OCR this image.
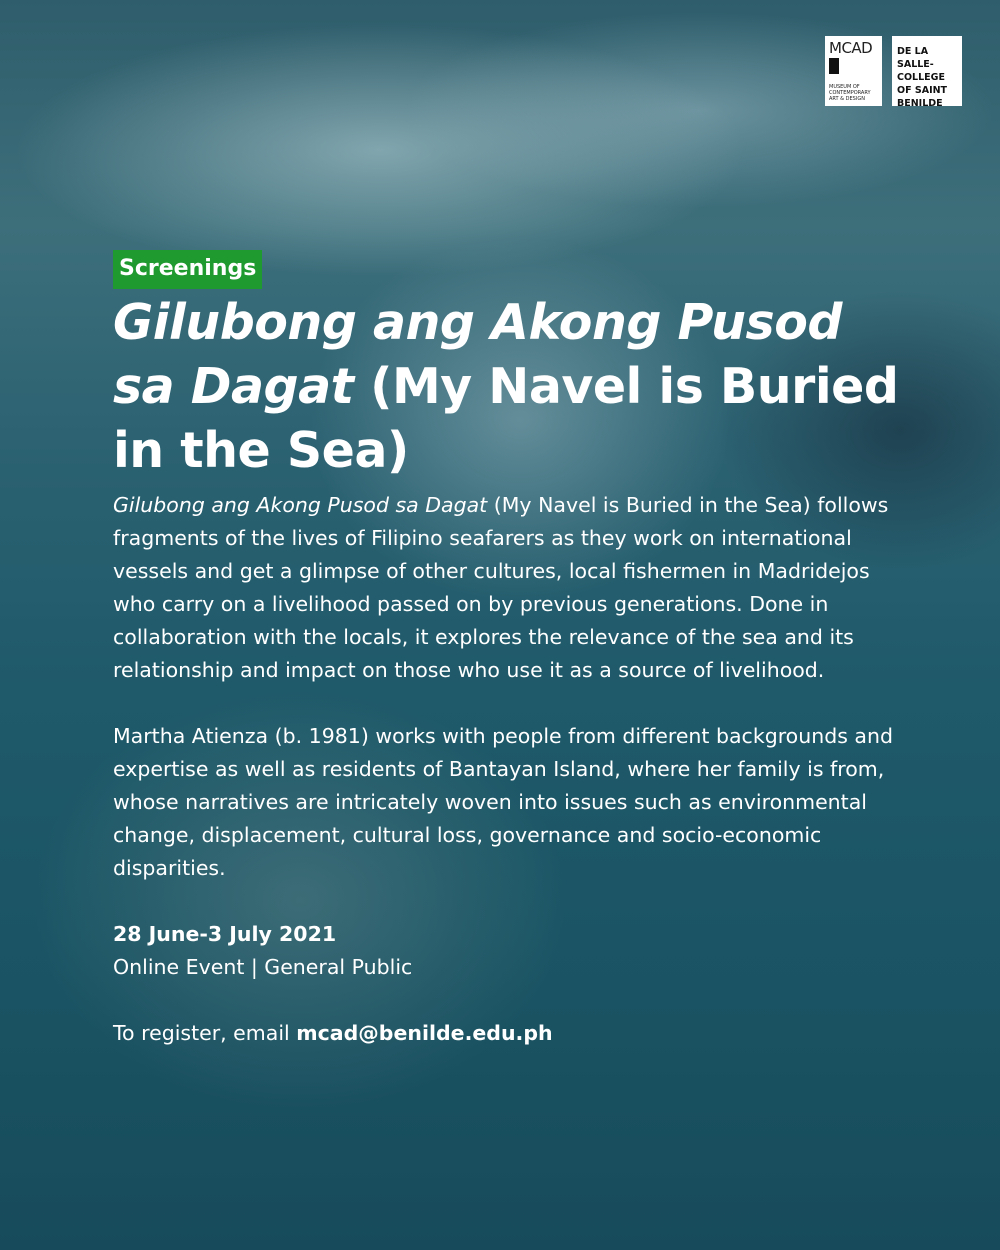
MCAD
MUSEUM OF CONTEMPORARY ART & DESIGN
DE LA SALLE-
COLLEGE
OF SAINT
BENILDE
Screenings
Gilubong ang Akong Pusod sa Dagat (My Navel is Buried in the Sea)

Gilubong ang Akong Pusod sa Dagat (My Navel is Buried in the Sea) follows fragments of the lives of Filipino seafarers as they work on international vessels and get a glimpse of other cultures, local fishermen in Madridejos who carry on a livelihood passed on by previous generations. Done in collaboration with the locals, it explores the relevance of the sea and its relationship and impact on those who use it as a source of livelihood.

Martha Atienza (b. 1981) works with people from different backgrounds and expertise as well as residents of Bantayan Island, where her family is from, whose narratives are intricately woven into issues such as environmental change, displacement, cultural loss, governance and socio-economic disparities.

28 June-3 July 2021

Online Event | General Public

To register, email mcad@benilde.edu.ph
